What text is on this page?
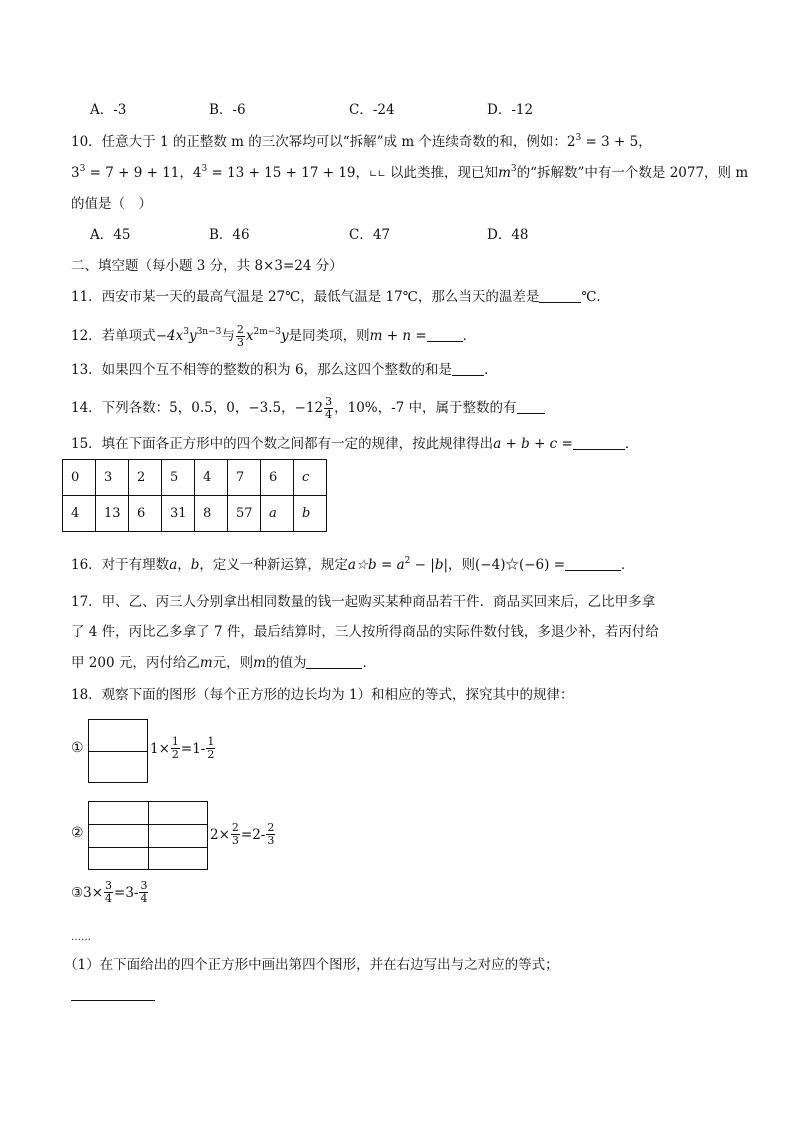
A．-3	B．-6	C．-24	D．-12
10．任意大于 1 的正整数 m 的三次幂均可以“拆解”成 m 个连续奇数的和，例如：$2^3 = 3 + 5$，
$3^3 = 7 + 9 + 11$，$4^3 = 13 + 15 + 17 + 19$，∟∟ 以此类推，现已知$m^3$的“拆解数”中有一个数是 2077，则 m
的值是（　）
A．45	B．46	C．47	D．48
二、填空题（每小题 3 分，共 8×3=24 分）
11．西安市某一天的最高气温是 27℃，最低气温是 17℃，那么当天的温差是	℃．
12．若单项式$-4x^3y^{3n-3}$与 $\frac{2}{3} x^{2m-3}y$是同类项，则m + n =	．
13．如果四个互不相等的整数的积为 6，那么这四个整数的和是 ．
14．下列各数：5，0.5，0，−3.5，$-12 \frac{3}{4}$ ，10%，-7 中，属于整数的有
15．填在下面各正方形中的四个数之间都有一定的规律，按此规律得出a + b + c =	．
0	3	2	5	4	7	6	c
4	13	6	31	8	57	a	b
16．对于有理数a，b，定义一种新运算，规定a☆b = $a^2 - |b|$，则(−4)☆(−6) =	．
17．甲、乙、丙三人分别拿出相同数量的钱一起购买某种商品若干件．商品买回来后，乙比甲多拿
了 4 件，丙比乙多拿了 7 件，最后结算时，三人按所得商品的实际件数付钱，多退少补，若丙付给
甲 200 元，丙付给乙m元，则m的值为	．
18．观察下面的图形（每个正方形的边长均为 1）和相应的等式，探究其中的规律：
①	$1\times \frac{1}{2} =1- \frac{1}{2}$
②	$2\times \frac{2}{3} =2- \frac{2}{3}$
③ $3\times \frac{3}{4} =3- \frac{3}{4}$
……
（1）在下面给出的四个正方形中画出第四个图形，并在右边写出与之对应的等式；
